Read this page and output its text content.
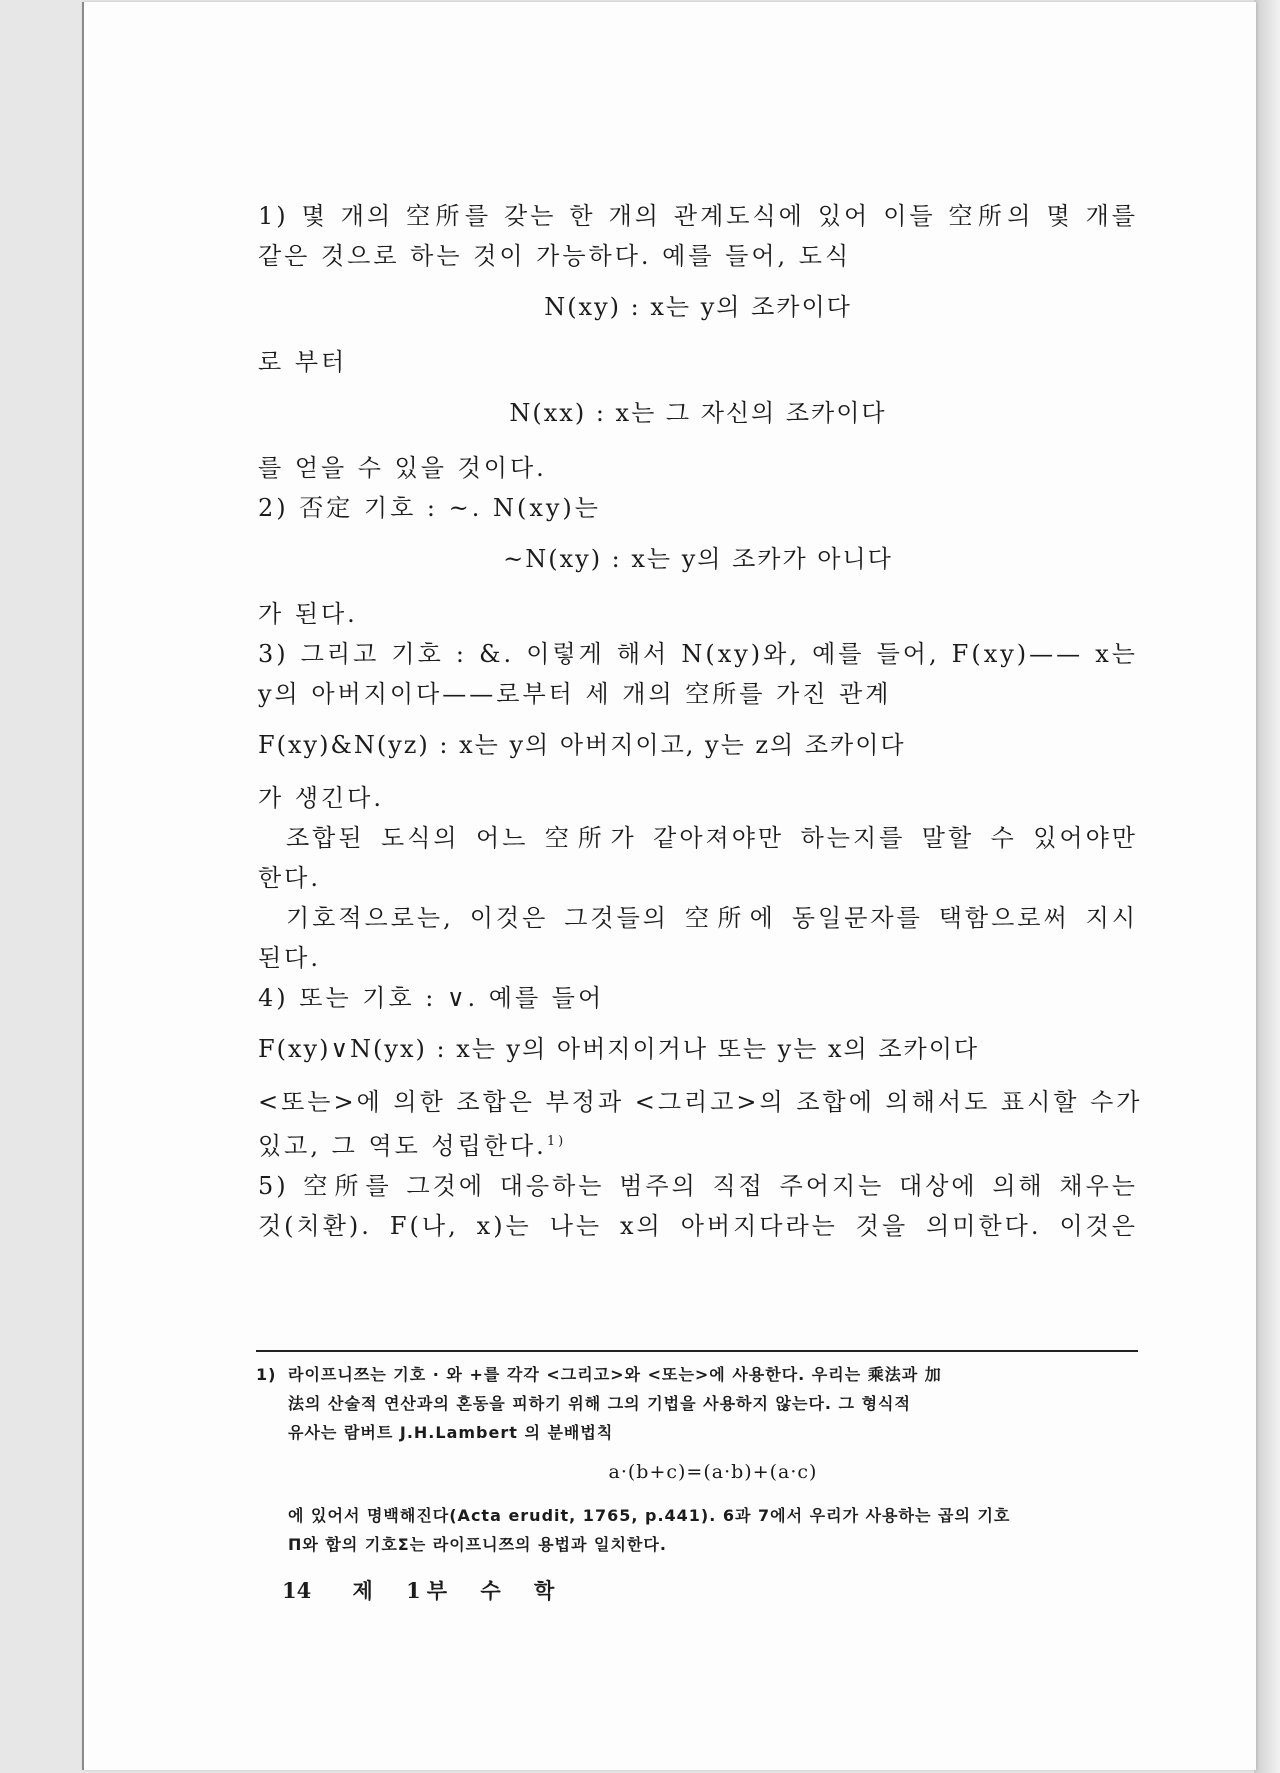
1) 몇 개의 空所를 갖는 한 개의 관계도식에 있어 이들 空所의 몇 개를

같은 것으로 하는 것이 가능하다. 예를 들어, 도식

N(xy) : x는 y의 조카이다

로 부터

N(xx) : x는 그 자신의 조카이다

를 얻을 수 있을 것이다.

2) 否定 기호 : ~. N(xy)는

~N(xy) : x는 y의 조카가 아니다

가 된다.

3) 그리고 기호 : &. 이렇게 해서 N(xy)와, 예를 들어, F(xy)—— x는

y의 아버지이다——로부터 세 개의 空所를 가진 관계

F(xy)&N(yz) : x는 y의 아버지이고, y는 z의 조카이다

가 생긴다.

조합된 도식의 어느 空所가 같아져야만 하는지를 말할 수 있어야만

한다.

기호적으로는, 이것은 그것들의 空所에 동일문자를 택함으로써 지시

된다.

4) 또는 기호 : ∨. 예를 들어

F(xy)∨N(yx) : x는 y의 아버지이거나 또는 y는 x의 조카이다

<또는>에 의한 조합은 부정과 <그리고>의 조합에 의해서도 표시할 수가

있고, 그 역도 성립한다.$^{1)}$

5) 空所를 그것에 대응하는 범주의 직접 주어지는 대상에 의해 채우는

것(치환). F(나, x)는 나는 x의 아버지다라는 것을 의미한다. 이것은

1) 라이프니쯔는 기호 · 와 +를 각각 <그리고>와 <또는>에 사용한다. 우리는 乘法과 加

法의 산술적 연산과의 혼동을 피하기 위해 그의 기법을 사용하지 않는다. 그 형식적

유사는 람버트 J.H.Lambert 의 분배법칙

a·(b+c)=(a·b)+(a·c)

에 있어서 명백해진다(Acta erudit, 1765, p.441). 6과 7에서 우리가 사용하는 곱의 기호

Π와 합의 기호Σ는 라이프니쯔의 용법과 일치한다.

14 제 1부 수 학
